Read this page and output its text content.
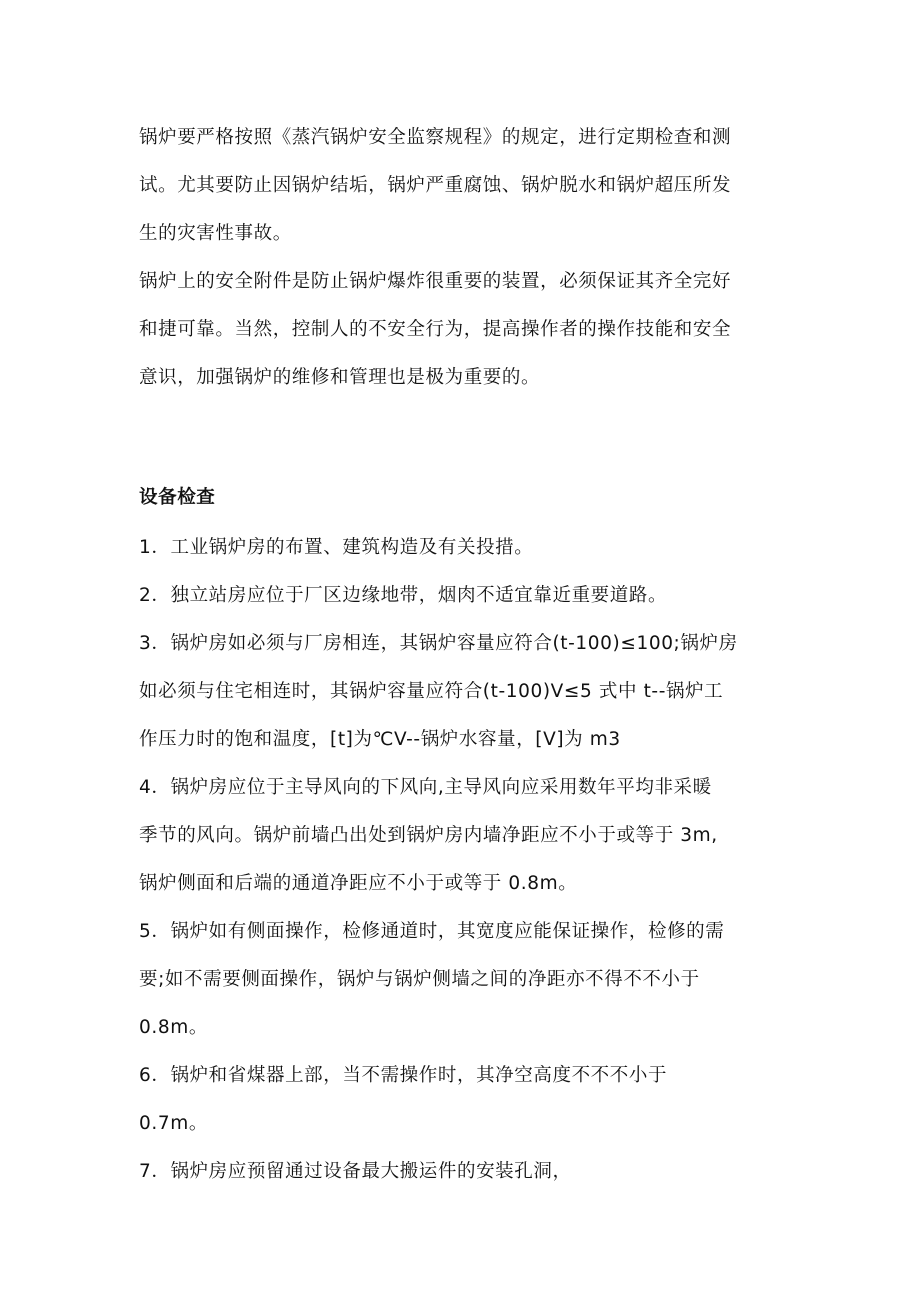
锅炉要严格按照《蒸汽锅炉安全监察规程》的规定，进行定期检查和测
试。尤其要防止因锅炉结垢，锅炉严重腐蚀、锅炉脱水和锅炉超压所发
生的灾害性事故。
锅炉上的安全附件是防止锅炉爆炸很重要的装置，必须保证其齐全完好
和捷可靠。当然，控制人的不安全行为，提高操作者的操作技能和安全
意识，加强锅炉的维修和管理也是极为重要的。
设备检查
1．工业锅炉房的布置、建筑构造及有关投措。
2．独立站房应位于厂区边缘地带，烟肉不适宜靠近重要道路。
3．锅炉房如必须与厂房相连，其锅炉容量应符合(t-100)≤100;锅炉房
如必须与住宅相连时，其锅炉容量应符合(t-100)V≤5 式中 t--锅炉工
作压力时的饱和温度，[t]为℃V--锅炉水容量，[V]为 m3
4．锅炉房应位于主导风向的下风向,主导风向应采用数年平均非采暖
季节的风向。锅炉前墙凸出处到锅炉房内墙净距应不小于或等于 3m,
锅炉侧面和后端的通道净距应不小于或等于 0.8m。
5．锅炉如有侧面操作，检修通道时，其宽度应能保证操作，检修的需
要;如不需要侧面操作，锅炉与锅炉侧墙之间的净距亦不得不不小于
0.8m。
6．锅炉和省煤器上部，当不需操作时，其净空高度不不不小于
0.7m。
7．锅炉房应预留通过设备最大搬运件的安装孔洞，
